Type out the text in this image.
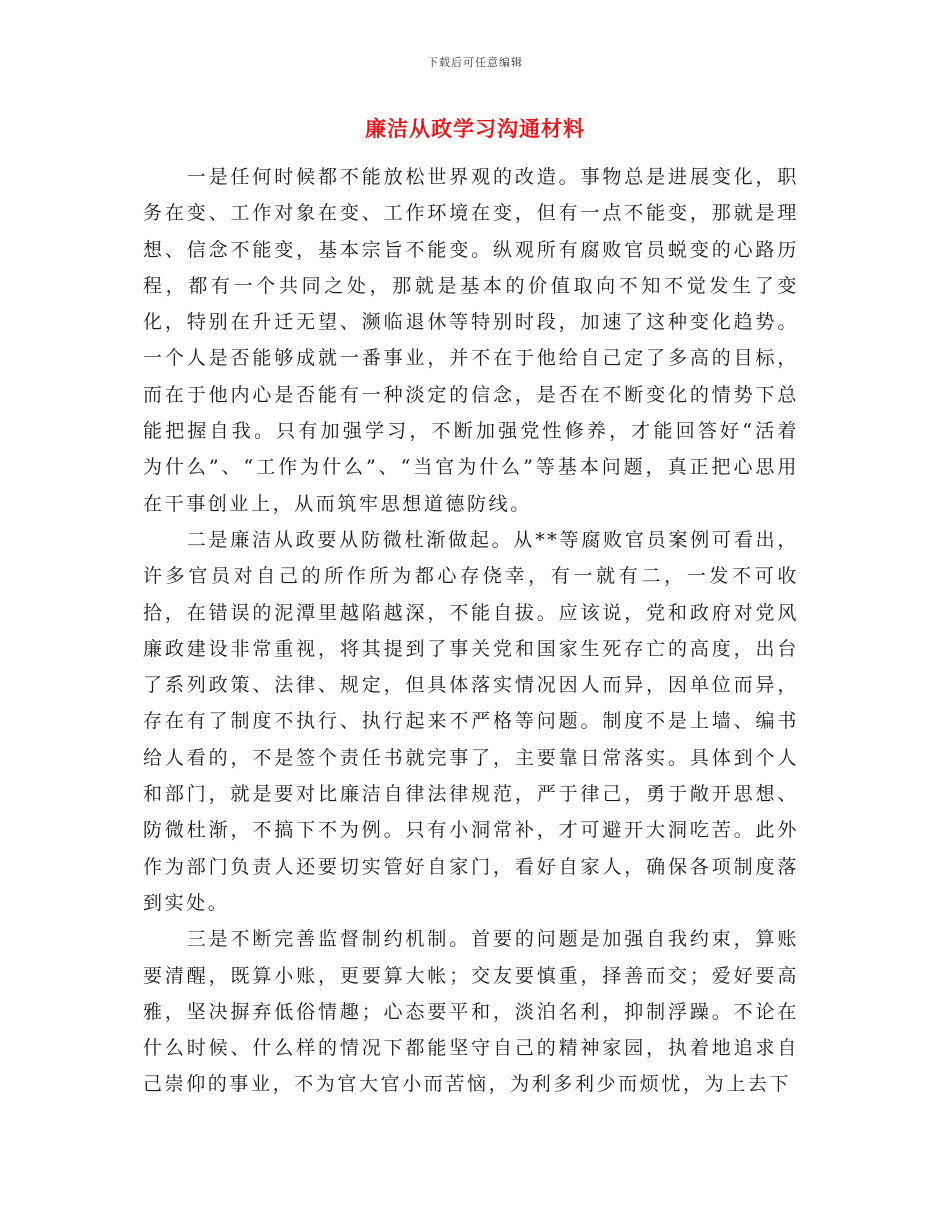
下载后可任意编辑
廉洁从政学习沟通材料

一是任何时候都不能放松世界观的改造。事物总是进展变化，职务在变、工作对象在变、工作环境在变，但有一点不能变，那就是理想、信念不能变，基本宗旨不能变。纵观所有腐败官员蜕变的心路历程，都有一个共同之处，那就是基本的价值取向不知不觉发生了变化，特别在升迁无望、濒临退休等特别时段，加速了这种变化趋势。一个人是否能够成就一番事业，并不在于他给自己定了多高的目标，而在于他内心是否能有一种淡定的信念，是否在不断变化的情势下总能把握自我。只有加强学习，不断加强党性修养，才能回答好“活着为什么”、“工作为什么”、“当官为什么”等基本问题，真正把心思用在干事创业上，从而筑牢思想道德防线。

二是廉洁从政要从防微杜渐做起。从**等腐败官员案例可看出，许多官员对自己的所作所为都心存侥幸，有一就有二，一发不可收拾，在错误的泥潭里越陷越深，不能自拔。应该说，党和政府对党风廉政建设非常重视，将其提到了事关党和国家生死存亡的高度，出台了系列政策、法律、规定，但具体落实情况因人而异，因单位而异，存在有了制度不执行、执行起来不严格等问题。制度不是上墙、编书给人看的，不是签个责任书就完事了，主要靠日常落实。具体到个人和部门，就是要对比廉洁自律法律规范，严于律己，勇于敞开思想、防微杜渐，不搞下不为例。只有小洞常补，才可避开大洞吃苦。此外作为部门负责人还要切实管好自家门，看好自家人，确保各项制度落到实处。

三是不断完善监督制约机制。首要的问题是加强自我约束，算账要清醒，既算小账，更要算大帐；交友要慎重，择善而交；爱好要高雅，坚决摒弃低俗情趣；心态要平和，淡泊名利，抑制浮躁。不论在什么时候、什么样的情况下都能坚守自己的精神家园，执着地追求自己崇仰的事业，不为官大官小而苦恼，为利多利少而烦忧，为上去下
